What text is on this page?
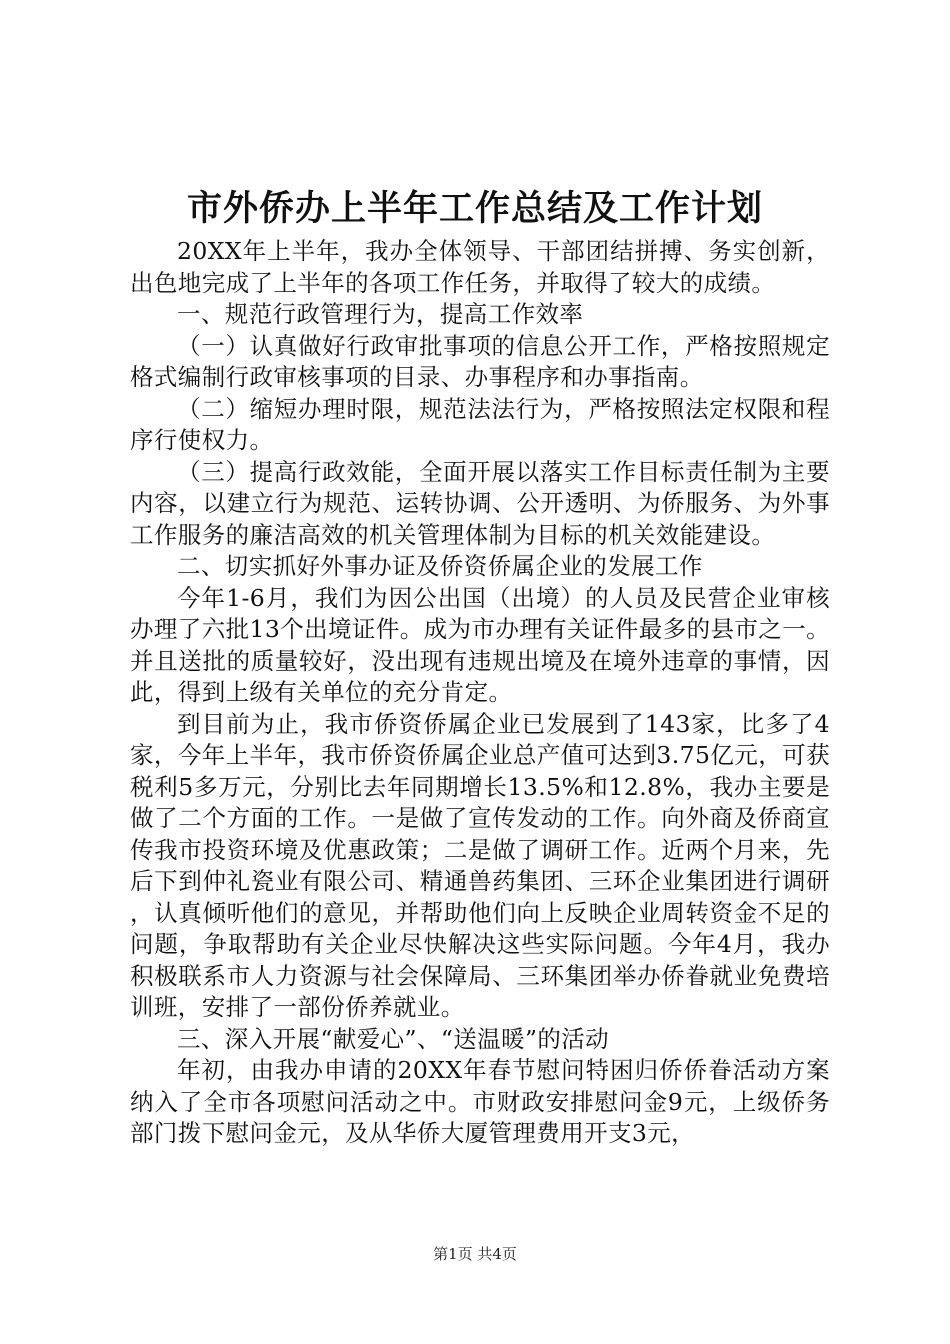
市外侨办上半年工作总结及工作计划

20XX年上半年，我办全体领导、干部团结拼搏、务实创新，出色地完成了上半年的各项工作任务，并取得了较大的成绩。

一、规范行政管理行为，提高工作效率

（一）认真做好行政审批事项的信息公开工作，严格按照规定格式编制行政审核事项的目录、办事程序和办事指南。

（二）缩短办理时限，规范法法行为，严格按照法定权限和程序行使权力。

（三）提高行政效能，全面开展以落实工作目标责任制为主要内容，以建立行为规范、运转协调、公开透明、为侨服务、为外事工作服务的廉洁高效的机关管理体制为目标的机关效能建设。

二、切实抓好外事办证及侨资侨属企业的发展工作

今年1-6月，我们为因公出国（出境）的人员及民营企业审核办理了六批13个出境证件。成为市办理有关证件最多的县市之一。并且送批的质量较好，没出现有违规出境及在境外违章的事情，因此，得到上级有关单位的充分肯定。

到目前为止，我市侨资侨属企业已发展到了143家，比多了4家，今年上半年，我市侨资侨属企业总产值可达到3.75亿元，可获税利5多万元，分别比去年同期增长13.5%和12.8%，我办主要是做了二个方面的工作。一是做了宣传发动的工作。向外商及侨商宣传我市投资环境及优惠政策；二是做了调研工作。近两个月来，先后下到仲礼瓷业有限公司、精通兽药集团、三环企业集团进行调研，认真倾听他们的意见，并帮助他们向上反映企业周转资金不足的问题，争取帮助有关企业尽快解决这些实际问题。今年4月，我办积极联系市人力资源与社会保障局、三环集团举办侨眷就业免费培训班，安排了一部份侨养就业。

三、深入开展“献爱心”、“送温暖”的活动

年初，由我办申请的20XX年春节慰问特困归侨侨眷活动方案纳入了全市各项慰问活动之中。市财政安排慰问金9元，上级侨务部门拨下慰问金元，及从华侨大厦管理费用开支3元，

第1页 共4页
